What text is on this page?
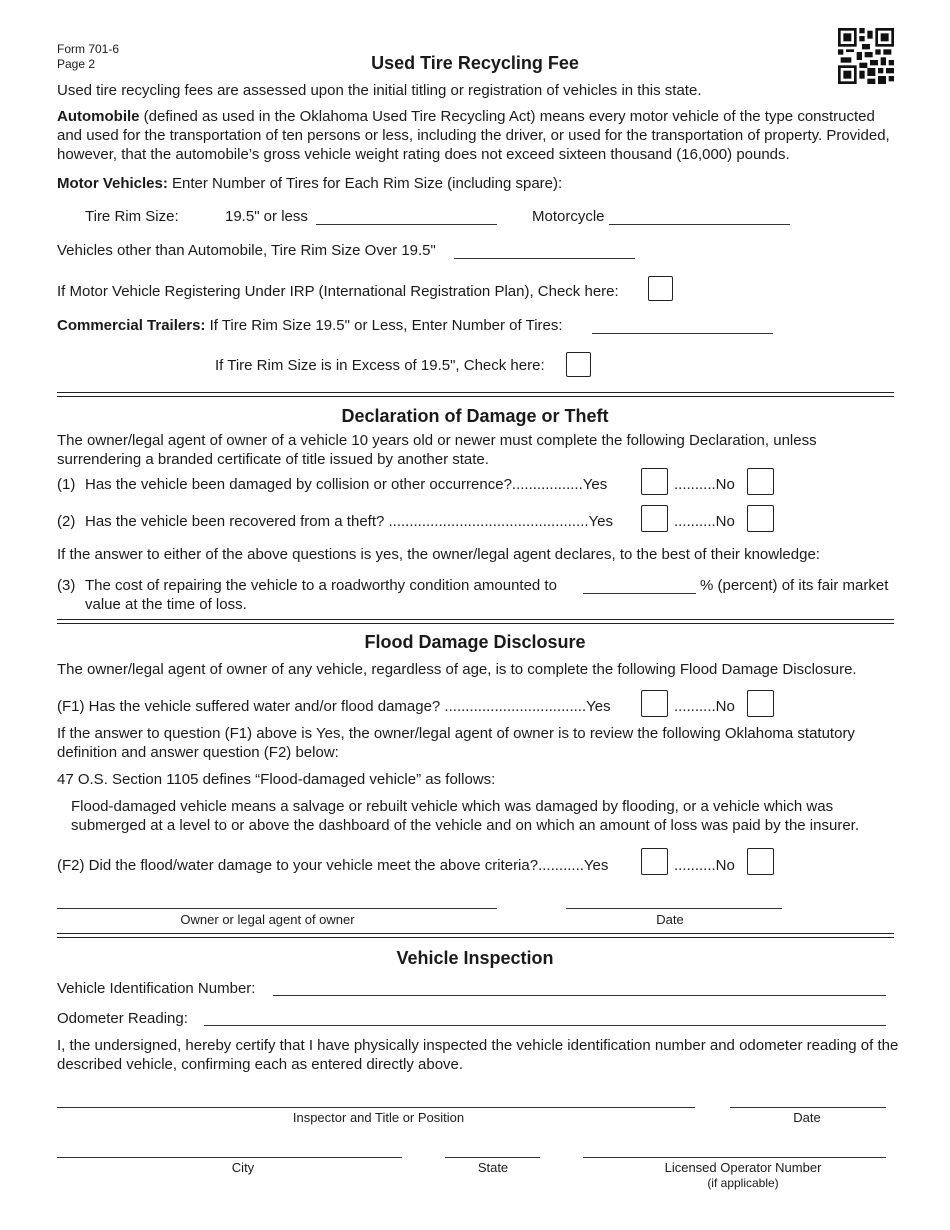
Form 701-6
Page 2	Used Tire Recycling Fee
Used tire recycling fees are assessed upon the initial titling or registration of vehicles in this state.
Automobile (defined as used in the Oklahoma Used Tire Recycling Act) means every motor vehicle of the type constructed and used for the transportation of ten persons or less, including the driver, or used for the transportation of property. Provided, however, that the automobile’s gross vehicle weight rating does not exceed sixteen thousand (16,000) pounds.
Motor Vehicles: Enter Number of Tires for Each Rim Size (including spare):
Tire Rim Size:	19.5" or less	Motorcycle
Vehicles other than Automobile, Tire Rim Size Over 19.5"
If Motor Vehicle Registering Under IRP (International Registration Plan), Check here:
Commercial Trailers: If Tire Rim Size 19.5" or Less, Enter Number of Tires:
If Tire Rim Size is in Excess of 19.5", Check here:
Declaration of Damage or Theft
The owner/legal agent of owner of a vehicle 10 years old or newer must complete the following Declaration, unless surrendering a branded certificate of title issued by another state.
(1) Has the vehicle been damaged by collision or other occurrence?.................Yes	..........No
(2) Has the vehicle been recovered from a theft? ................................................Yes	..........No
If the answer to either of the above questions is yes, the owner/legal agent declares, to the best of their knowledge:
(3) The cost of repairing the vehicle to a roadworthy condition amounted to	% (percent) of its fair market
value at the time of loss.
Flood Damage Disclosure
The owner/legal agent of owner of any vehicle, regardless of age, is to complete the following Flood Damage Disclosure.
(F1) Has the vehicle suffered water and/or flood damage? ..................................Yes	..........No
If the answer to question (F1) above is Yes, the owner/legal agent of owner is to review the following Oklahoma statutory definition and answer question (F2) below:
47 O.S. Section 1105 defines “Flood-damaged vehicle” as follows:
Flood-damaged vehicle means a salvage or rebuilt vehicle which was damaged by flooding, or a vehicle which was submerged at a level to or above the dashboard of the vehicle and on which an amount of loss was paid by the insurer.
(F2) Did the flood/water damage to your vehicle meet the above criteria?...........Yes	..........No
Owner or legal agent of owner	Date
Vehicle Inspection
Vehicle Identification Number:
Odometer Reading:
I, the undersigned, hereby certify that I have physically inspected the vehicle identification number and odometer reading of the described vehicle, confirming each as entered directly above.
Inspector and Title or Position	Date
City	State	Licensed Operator Number
(if applicable)
